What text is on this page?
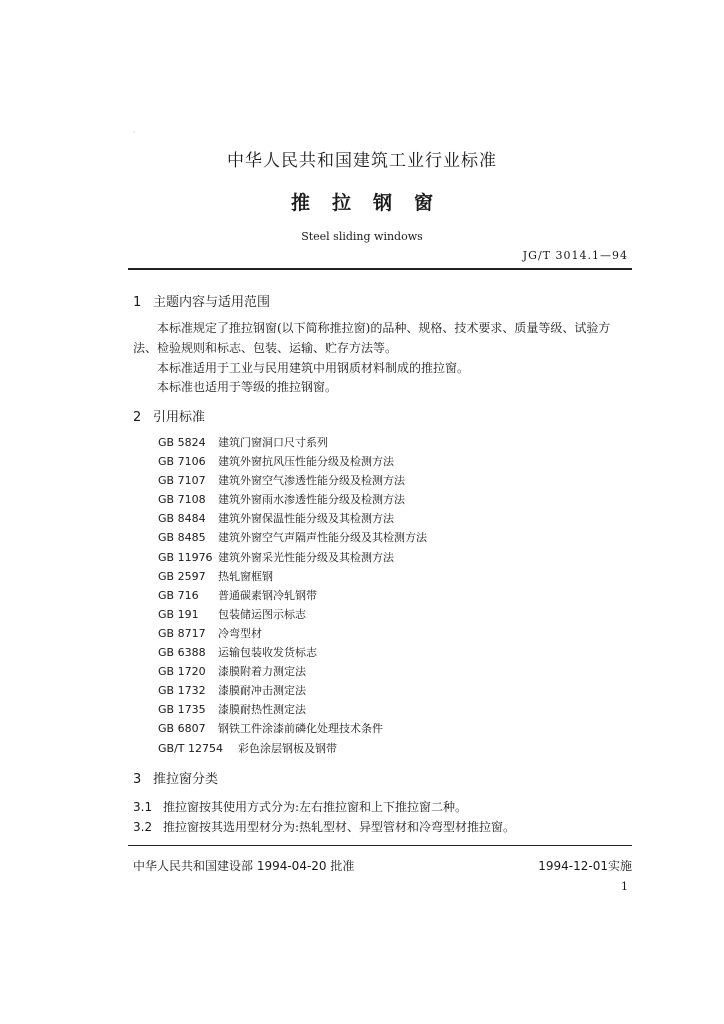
ˋ
中华人民共和国建筑工业行业标准
推拉钢窗
Steel sliding windows
JG/T 3014.1—94
1 主题内容与适用范围
本标准规定了推拉钢窗(以下简称推拉窗)的品种、规格、技术要求、质量等级、试验方法、检验规则和标志、包装、运输、贮存方法等。
本标准适用于工业与民用建筑中用钢质材料制成的推拉窗。
本标准也适用于等级的推拉钢窗。
2 引用标准
GB 5824	建筑门窗洞口尺寸系列
GB 7106	建筑外窗抗风压性能分级及检测方法
GB 7107	建筑外窗空气渗透性能分级及检测方法
GB 7108	建筑外窗雨水渗透性能分级及检测方法
GB 8484	建筑外窗保温性能分级及其检测方法
GB 8485	建筑外窗空气声隔声性能分级及其检测方法
GB 11976 建筑外窗采光性能分级及其检测方法
GB 2597	热轧窗框钢
GB 716	普通碳素钢冷轧钢带
GB 191	包装储运图示标志
GB 8717	冷弯型材
GB 6388	运输包装收发货标志
GB 1720	漆膜附着力测定法
GB 1732	漆膜耐冲击测定法
GB 1735	漆膜耐热性测定法
GB 6807	钢铁工件涂漆前磷化处理技术条件
GB/T 12754	彩色涂层钢板及钢带
3 推拉窗分类
3.1 推拉窗按其使用方式分为:左右推拉窗和上下推拉窗二种。
3.2 推拉窗按其选用型材分为:热轧型材、异型管材和冷弯型材推拉窗。
中华人民共和国建设部 1994-04-20 批准	1994-12-01实施
1
